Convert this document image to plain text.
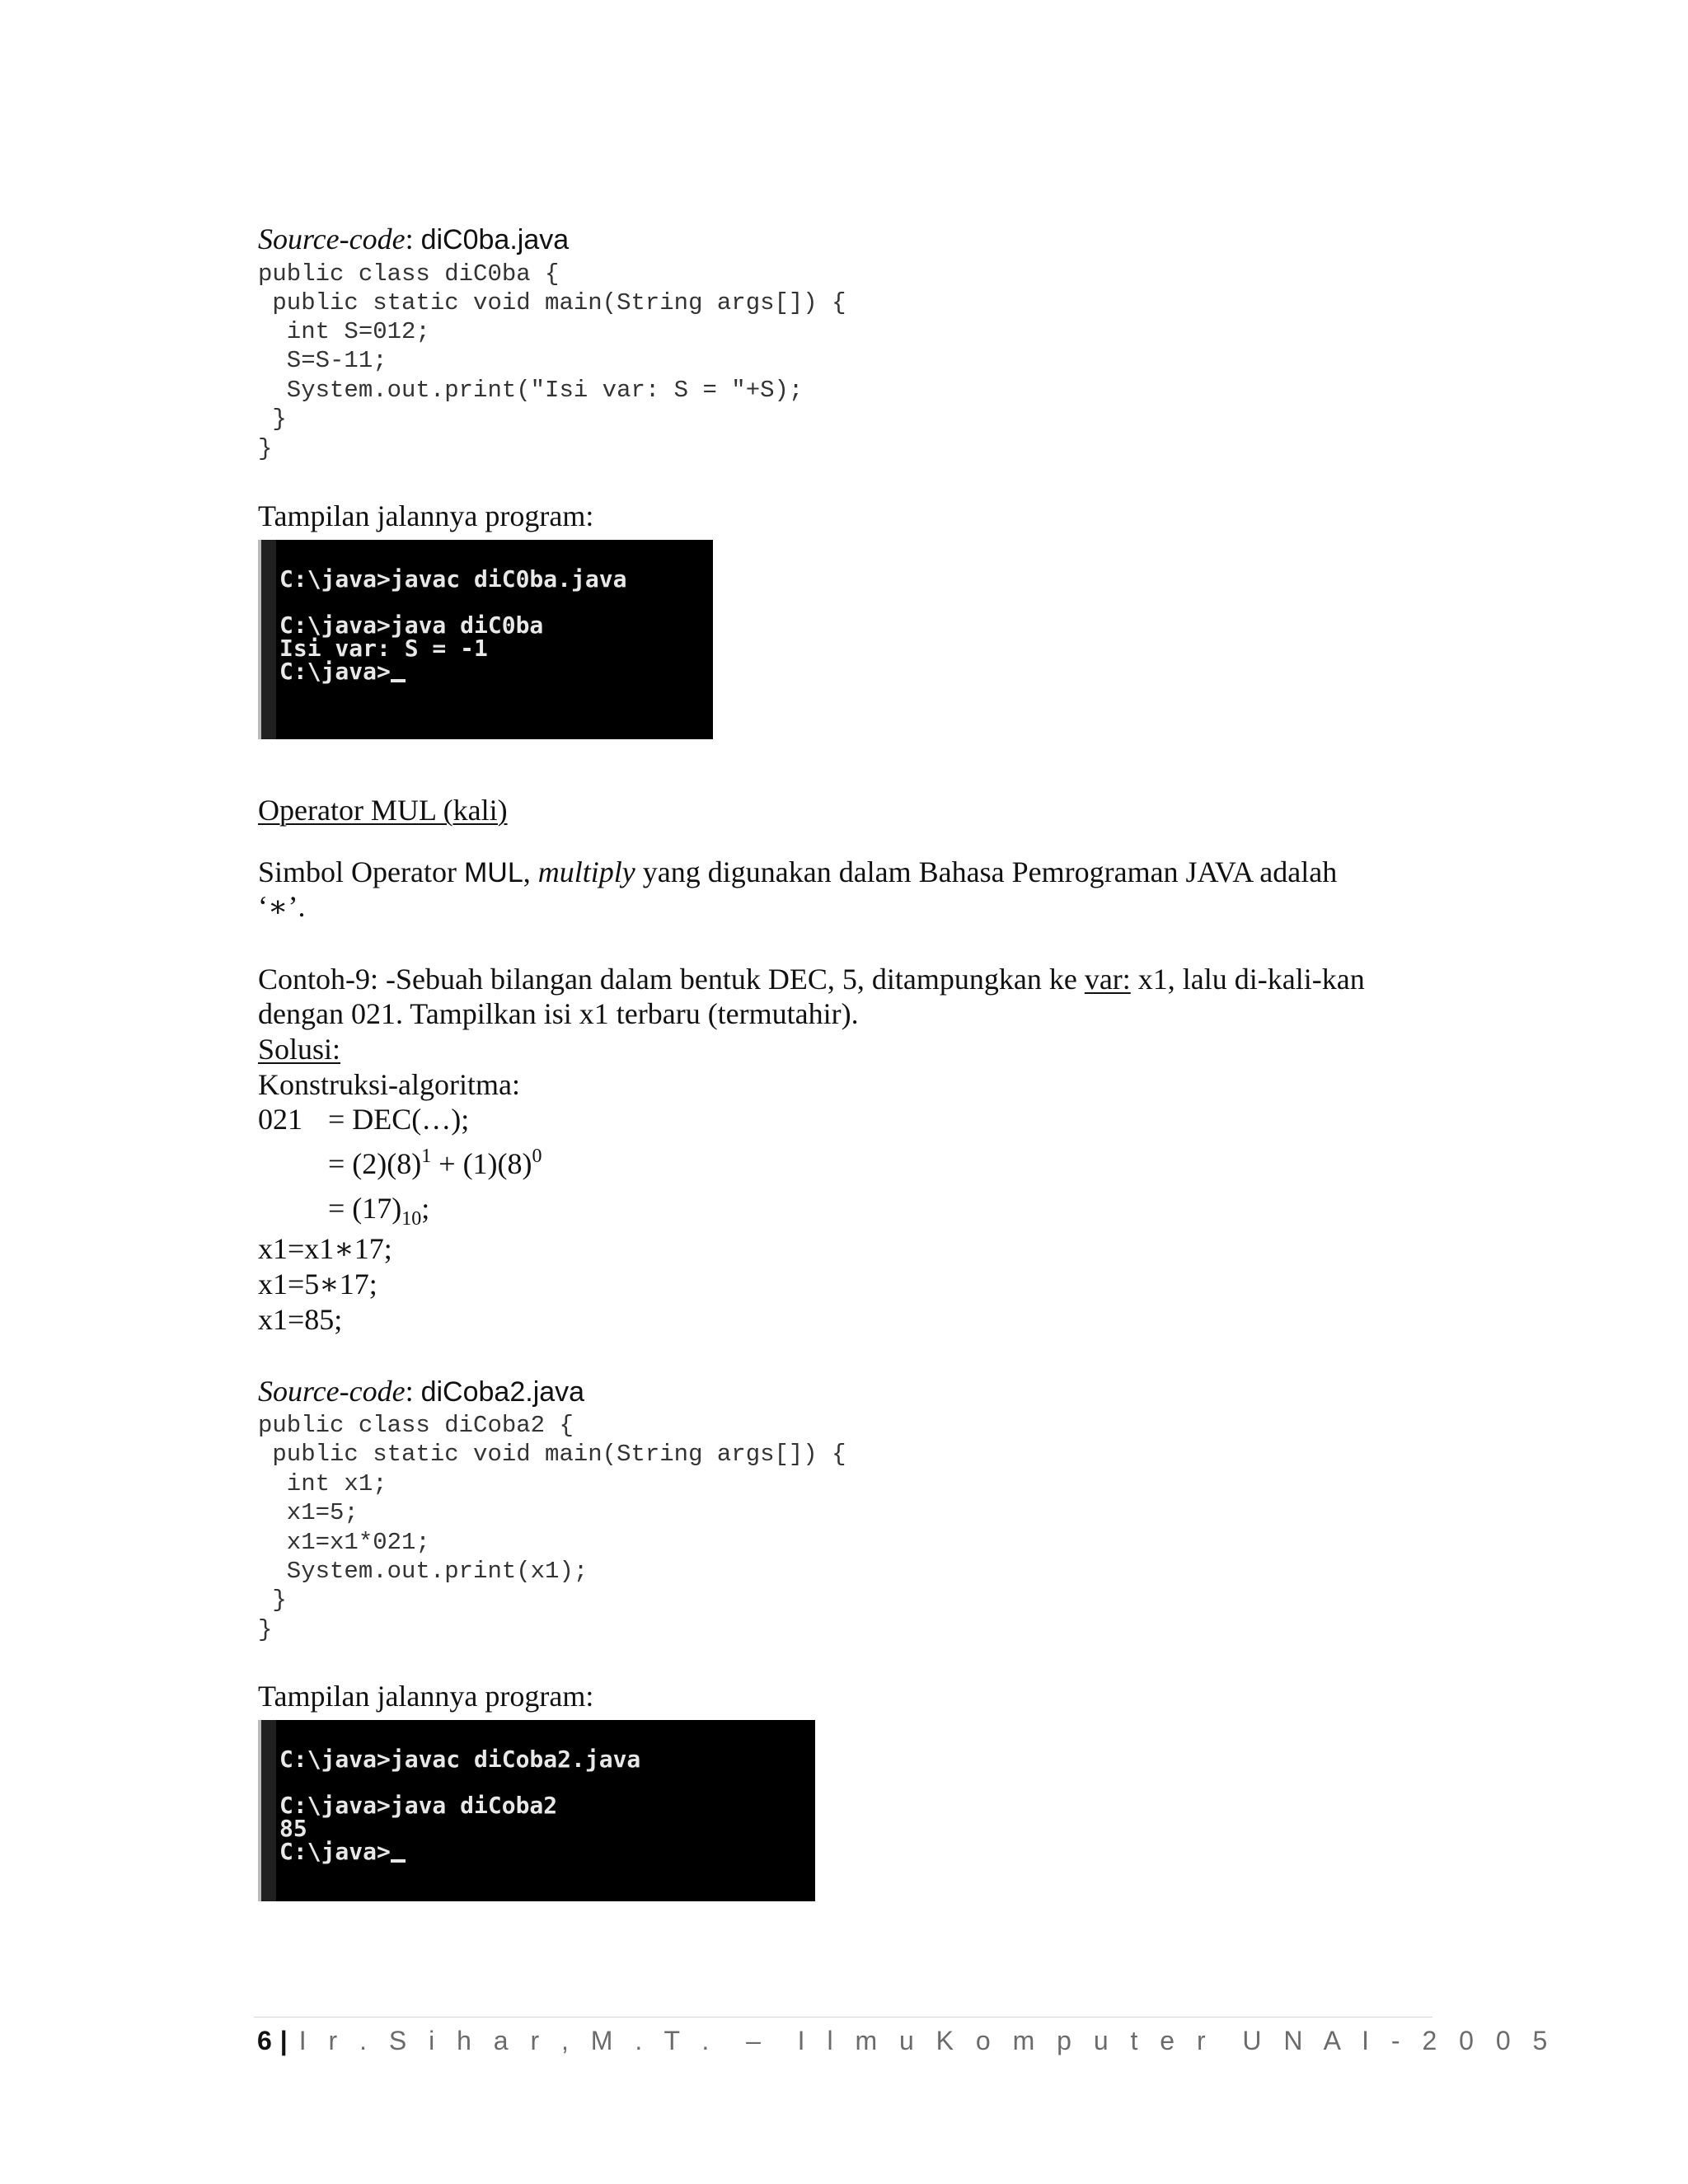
Source-code: diC0ba.java
public class diC0ba {
public static void main(String args[]) {
int S=012;
S=S-11;
System.out.print("Isi var: S = "+S);
}
}
Tampilan jalannya program:
C:\java>javac diC0ba.java
C:\java>java diC0ba
Isi var: S = -1
C:\java>
Operator MUL (kali)
Simbol Operator MUL, multiply yang digunakan dalam Bahasa Pemrograman JAVA adalah
‘∗’.
Contoh-9: -Sebuah bilangan dalam bentuk DEC, 5, ditampungkan ke var: x1, lalu di-kali-kan
dengan 021. Tampilkan isi x1 terbaru (termutahir).
Solusi:
Konstruksi-algoritma:
021 = DEC(…);
= $(2)(8)^1 + (1)(8)^0$
= $(17)_{10}$;
x1=x1∗17;
x1=5∗17;
x1=85;
Source-code: diCoba2.java
public class diCoba2 {
public static void main(String args[]) {
int x1;
x1=5;
x1=x1*021;
System.out.print(x1);
}
}
Tampilan jalannya program:
C:\java>javac diCoba2.java
C:\java>java diCoba2
85
C:\java>
6 | I r . S i h a r , M . T .  –  I l m u K o m p u t e r  U N A I - 2 0 0 5
